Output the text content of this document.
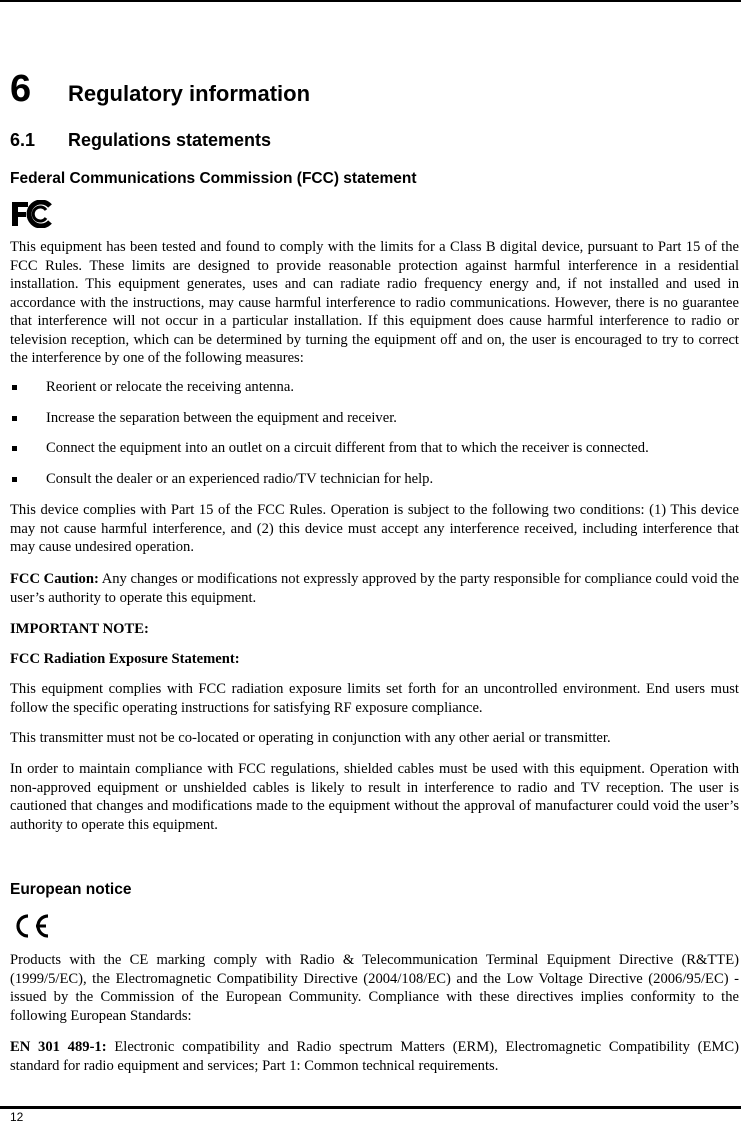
6	Regulatory information
6.1	Regulations statements
Federal Communications Commission (FCC) statement

This equipment has been tested and found to comply with the limits for a Class B digital device, pursuant to Part 15 of the FCC Rules. These limits are designed to provide reasonable protection against harmful interference in a residential installation. This equipment generates, uses and can radiate radio frequency energy and, if not installed and used in accordance with the instructions, may cause harmful interference to radio communications. However, there is no guarantee that interference will not occur in a particular installation. If this equipment does cause harmful interference to radio or television reception, which can be determined by turning the equipment off and on, the user is encouraged to try to correct the interference by one of the following measures:

Reorient or relocate the receiving antenna.
Increase the separation between the equipment and receiver.
Connect the equipment into an outlet on a circuit different from that to which the receiver is connected.
Consult the dealer or an experienced radio/TV technician for help.

This device complies with Part 15 of the FCC Rules. Operation is subject to the following two conditions: (1) This device may not cause harmful interference, and (2) this device must accept any interference received, including interference that may cause undesired operation.

FCC Caution: Any changes or modifications not expressly approved by the party responsible for compliance could void the user’s authority to operate this equipment.

IMPORTANT NOTE:

FCC Radiation Exposure Statement:

This equipment complies with FCC radiation exposure limits set forth for an uncontrolled environment. End users must follow the specific operating instructions for satisfying RF exposure compliance.

This transmitter must not be co-located or operating in conjunction with any other aerial or transmitter.

In order to maintain compliance with FCC regulations, shielded cables must be used with this equipment. Operation with non-approved equipment or unshielded cables is likely to result in interference to radio and TV reception. The user is cautioned that changes and modifications made to the equipment without the approval of manufacturer could void the user’s authority to operate this equipment.

European notice

Products with the CE marking comply with Radio & Telecommunication Terminal Equipment Directive (R&TTE) (1999/5/EC), the Electromagnetic Compatibility Directive (2004/108/EC) and the Low Voltage Directive (2006/95/EC) - issued by the Commission of the European Community. Compliance with these directives implies conformity to the following European Standards:

EN 301 489-1: Electronic compatibility and Radio spectrum Matters (ERM), Electromagnetic Compatibility (EMC) standard for radio equipment and services; Part 1: Common technical requirements.

12
